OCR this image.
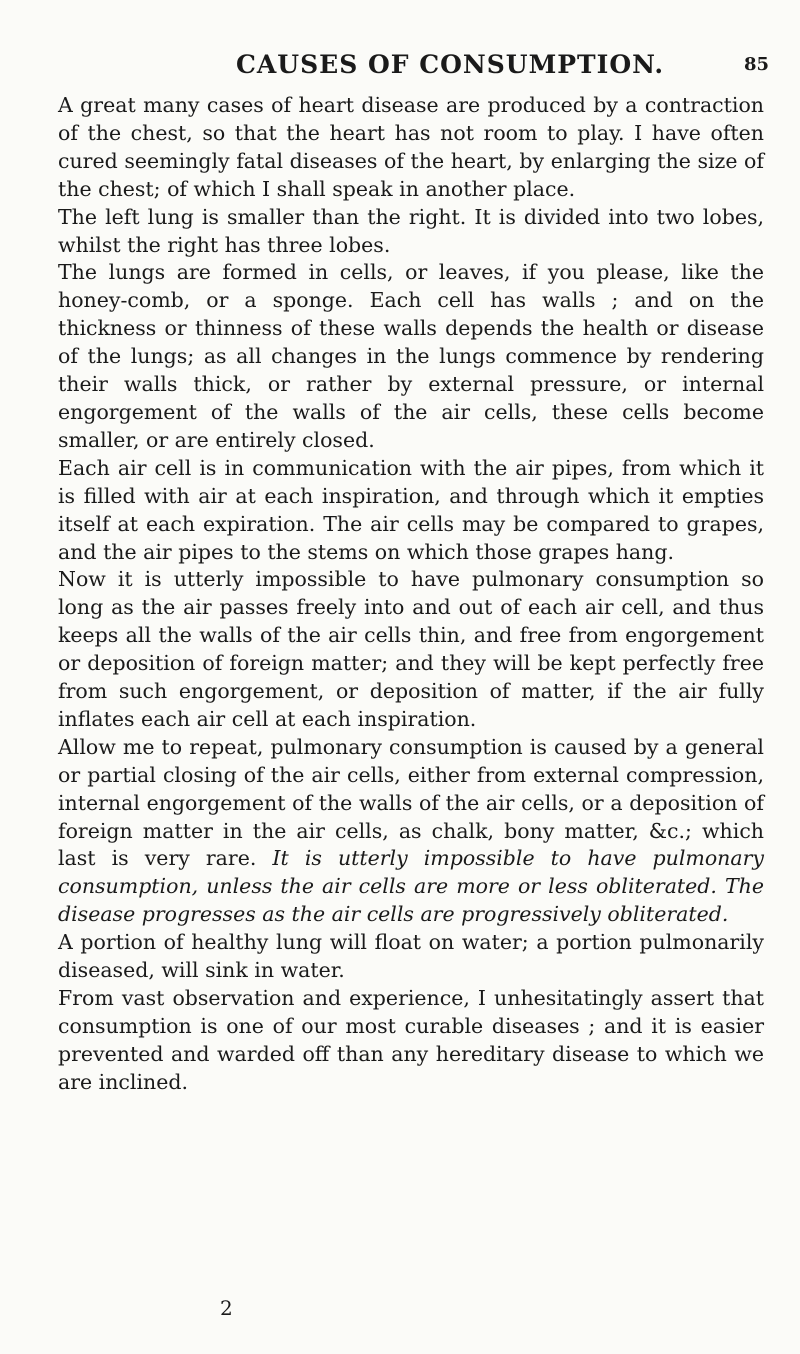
CAUSES OF CONSUMPTION.	85

A great many cases of heart disease are produced by a contraction of the chest, so that the heart has not room to play. I have often cured seemingly fatal diseases of the heart, by enlarging the size of the chest; of which I shall speak in another place.

The left lung is smaller than the right. It is divided into two lobes, whilst the right has three lobes.

The lungs are formed in cells, or leaves, if you please, like the honey-comb, or a sponge. Each cell has walls ; and on the thickness or thinness of these walls depends the health or disease of the lungs; as all changes in the lungs commence by rendering their walls thick, or rather by external pressure, or internal engorgement of the walls of the air cells, these cells become smaller, or are entirely closed.

Each air cell is in communication with the air pipes, from which it is filled with air at each inspiration, and through which it empties itself at each expiration. The air cells may be compared to grapes, and the air pipes to the stems on which those grapes hang.

Now it is utterly impossible to have pulmonary consumption so long as the air passes freely into and out of each air cell, and thus keeps all the walls of the air cells thin, and free from engorgement or deposition of foreign matter; and they will be kept perfectly free from such engorgement, or deposition of matter, if the air fully inflates each air cell at each inspiration.

Allow me to repeat, pulmonary consumption is caused by a general or partial closing of the air cells, either from external compression, internal engorgement of the walls of the air cells, or a deposition of foreign matter in the air cells, as chalk, bony matter, &c.; which last is very rare. It is utterly impossible to have pulmonary consumption, unless the air cells are more or less obliterated. The disease progresses as the air cells are progressively obliterated.

A portion of healthy lung will float on water; a portion pulmonarily diseased, will sink in water.

From vast observation and experience, I unhesitatingly assert that consumption is one of our most curable diseases ; and it is easier prevented and warded off than any hereditary disease to which we are inclined.

2
